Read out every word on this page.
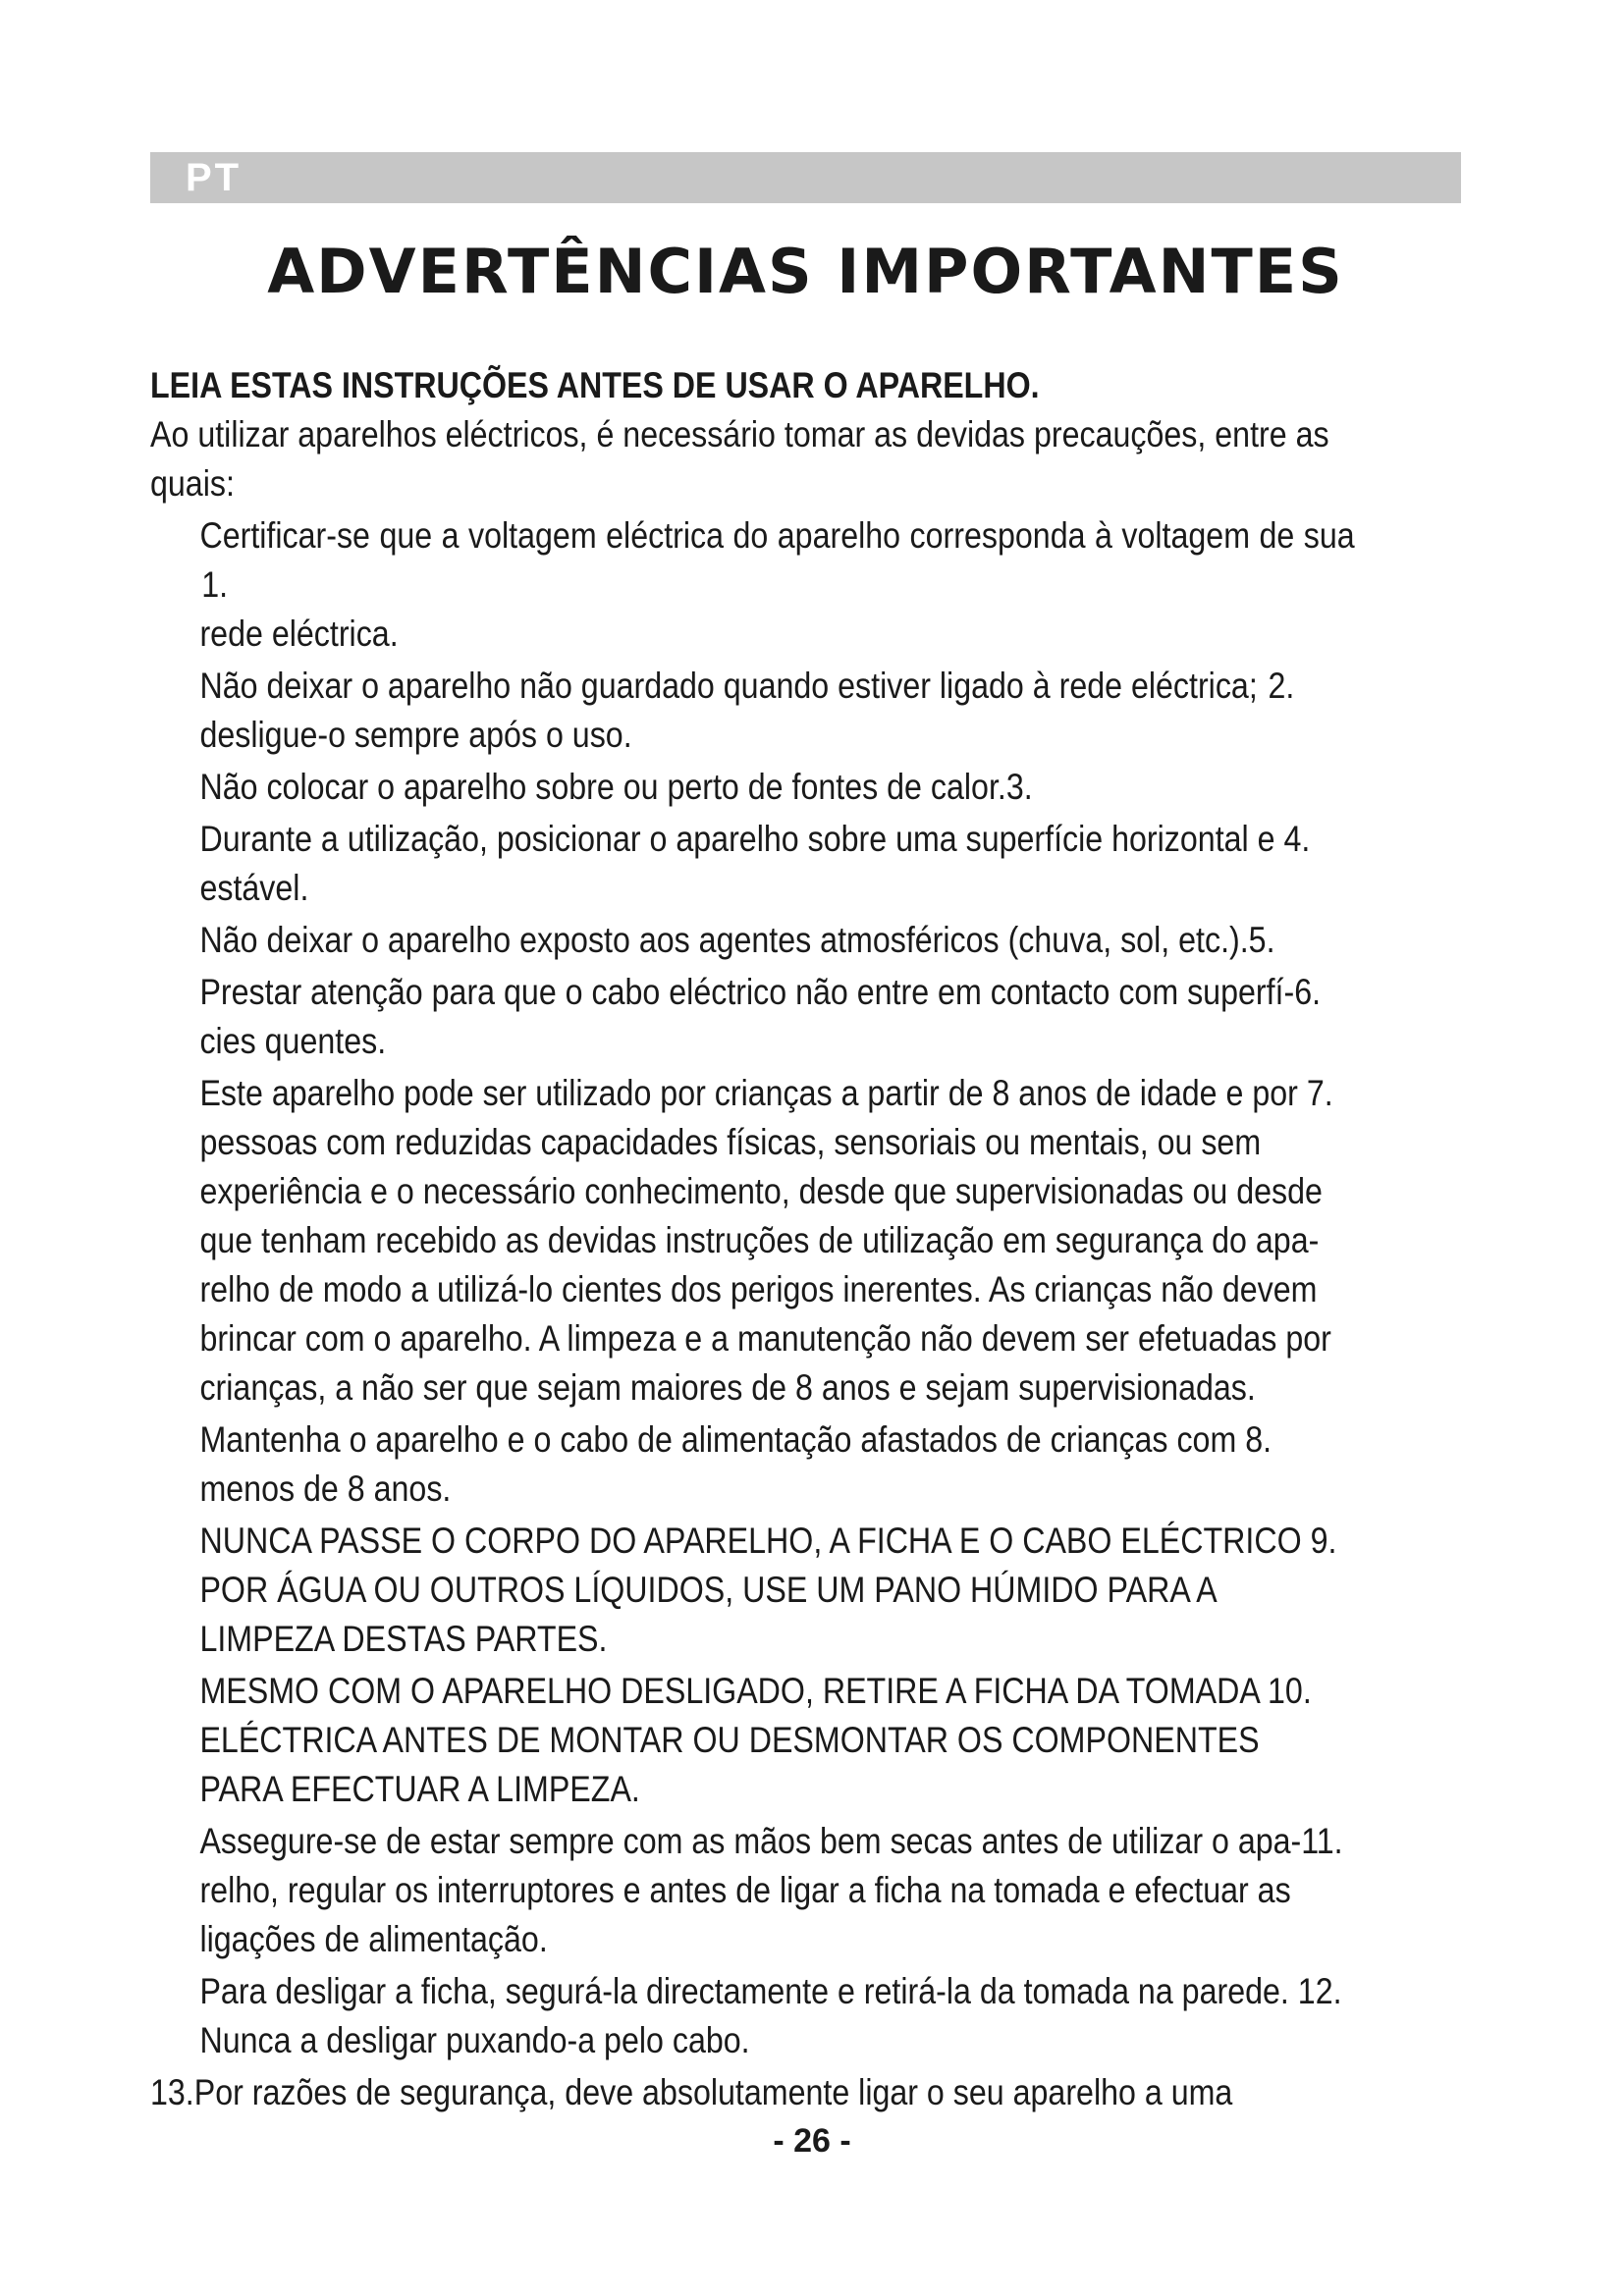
PT
ADVERTÊNCIAS IMPORTANTES

LEIA ESTAS INSTRUÇÕES ANTES DE USAR O APARELHO.

Ao utilizar aparelhos eléctricos, é necessário tomar as devidas precauções, entre as quais:

Certificar-se que a voltagem eléctrica do aparelho corresponda à voltagem de sua 1.
rede eléctrica.
Não deixar o aparelho não guardado quando estiver ligado à rede eléctrica; 2.
desligue-o sempre após o uso.
Não colocar o aparelho sobre ou perto de fontes de calor.3.
Durante a utilização, posicionar o aparelho sobre uma superfície horizontal e 4.
estável.
Não deixar o aparelho exposto aos agentes atmosféricos (chuva, sol, etc.).5.
Prestar atenção para que o cabo eléctrico não entre em contacto com superfí-6.
cies quentes.
Este aparelho pode ser utilizado por crianças a partir de 8 anos de idade e por 7.
pessoas com reduzidas capacidades físicas, sensoriais ou mentais, ou sem
experiência e o necessário conhecimento, desde que supervisionadas ou desde
que tenham recebido as devidas instruções de utilização em segurança do apa-
relho de modo a utilizá-lo cientes dos perigos inerentes. As crianças não devem
brincar com o aparelho. A limpeza e a manutenção não devem ser efetuadas por
crianças, a não ser que sejam maiores de 8 anos e sejam supervisionadas.
Mantenha o aparelho e o cabo de alimentação afastados de crianças com 8.
menos de 8 anos.
NUNCA PASSE O CORPO DO APARELHO, A FICHA E O CABO ELÉCTRICO 9.
POR ÁGUA OU OUTROS LÍQUIDOS, USE UM PANO HÚMIDO PARA A
LIMPEZA DESTAS PARTES.
MESMO COM O APARELHO DESLIGADO, RETIRE A FICHA DA TOMADA 10.
ELÉCTRICA ANTES DE MONTAR OU DESMONTAR OS COMPONENTES
PARA EFECTUAR A LIMPEZA.
Assegure-se de estar sempre com as mãos bem secas antes de utilizar o apa-11.
relho, regular os interruptores e antes de ligar a ficha na tomada e efectuar as
ligações de alimentação.
Para desligar a ficha, segurá-la directamente e retirá-la da tomada na parede. 12.
Nunca a desligar puxando-a pelo cabo.
13.Por razões de segurança, deve absolutamente ligar o seu aparelho a uma
- 26 -
